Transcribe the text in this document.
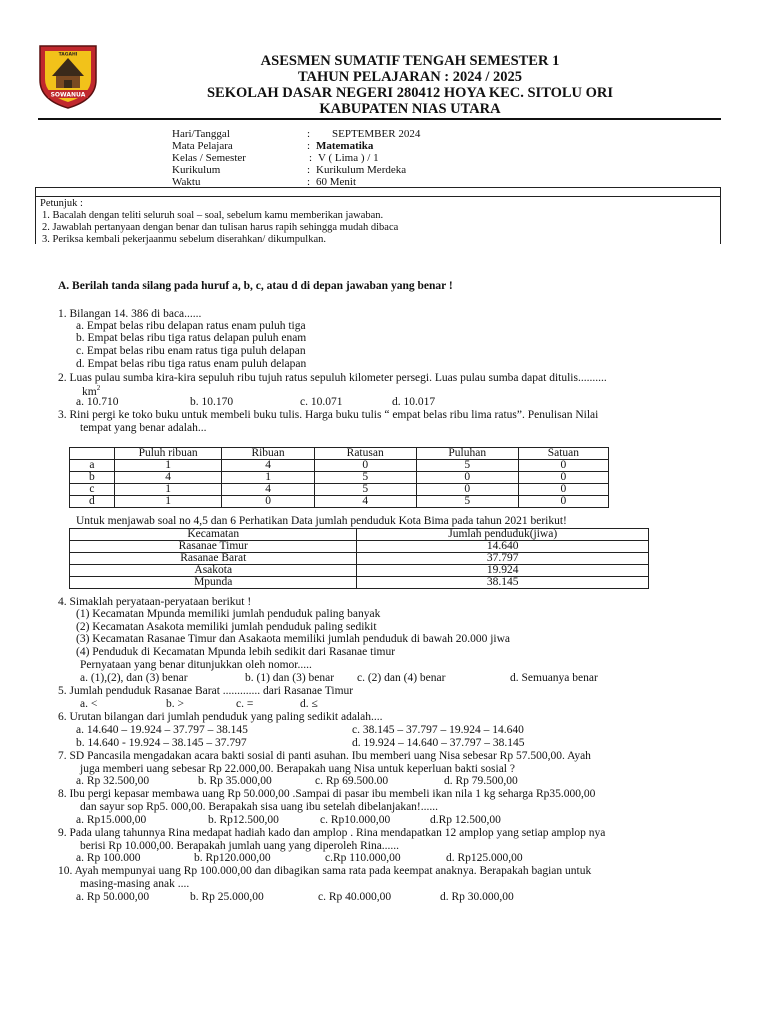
SOWANUA
TAGAHI	ASESMEN SUMATIF TENGAH SEMESTER 1
TAHUN PELAJARAN : 2024 / 2025
SEKOLAH DASAR NEGERI 280412 HOYA KEC. SITOLU ORI
KABUPATEN NIAS UTARA
Hari/Tanggal	: SEPTEMBER 2024
Mata Pelajara	: Matematika
Kelas / Semester	: V ( Lima ) / 1
Kurikulum	: Kurikulum Merdeka
Waktu	: 60 Menit
Petunjuk :
1. Bacalah dengan teliti seluruh soal – soal, sebelum kamu memberikan jawaban.
2. Jawablah pertanyaan dengan benar dan tulisan harus rapih sehingga mudah dibaca
3. Periksa kembali pekerjaanmu sebelum diserahkan/ dikumpulkan.
A. Berilah tanda silang pada huruf a, b, c, atau d di depan jawaban yang benar !
1. Bilangan 14. 386 di baca......
a. Empat belas ribu delapan ratus enam puluh tiga
b. Empat belas ribu tiga ratus delapan puluh enam
c. Empat belas ribu enam ratus tiga puluh delapan
d. Empat belas ribu tiga ratus enam puluh delapan
2. Luas pulau sumba kira-kira sepuluh ribu tujuh ratus sepuluh kilometer persegi. Luas pulau sumba dapat ditulis..........
$km^2$
a. 10.710	b. 10.170	c. 10.071	d. 10.017
3. Rini pergi ke toko buku untuk membeli buku tulis. Harga buku tulis “ empat belas ribu lima ratus”. Penulisan Nilai
tempat yang benar adalah...
	Puluh ribuan	Ribuan	Ratusan	Puluhan	Satuan
a	1	4	0	5	0
b	4	1	5	0	0
c	1	4	5	0	0
d	1	0	4	5	0
Untuk menjawab soal no 4,5 dan 6 Perhatikan Data jumlah penduduk Kota Bima pada tahun 2021 berikut!
Kecamatan	Jumlah penduduk(jiwa)
Rasanae Timur	14.640
Rasanae Barat	37.797
Asakota	19.924
Mpunda	38.145
4. Simaklah peryataan-peryataan berikut !
(1) Kecamatan Mpunda memiliki jumlah penduduk paling banyak
(2) Kecamatan Asakota memiliki jumlah penduduk paling sedikit
(3) Kecamatan Rasanae Timur dan Asakaota memiliki jumlah penduduk di bawah 20.000 jiwa
(4) Penduduk di Kecamatan Mpunda lebih sedikit dari Rasanae timur
Pernyataan yang benar ditunjukkan oleh nomor.....
a. (1),(2), dan (3) benar	b. (1) dan (3) benar c. (2) dan (4) benar	d. Semuanya benar
5. Jumlah penduduk Rasanae Barat ............. dari Rasanae Timur
a. <	b. >	c. =	d. ≤
6. Urutan bilangan dari jumlah penduduk yang paling sedikit adalah....
a. 14.640 – 19.924 – 37.797 – 38.145	c. 38.145 – 37.797 – 19.924 – 14.640
b. 14.640 - 19.924 – 38.145 – 37.797	d. 19.924 – 14.640 – 37.797 – 38.145
7. SD Pancasila mengadakan acara bakti sosial di panti asuhan. Ibu memberi uang Nisa sebesar Rp 57.500,00. Ayah
juga memberi uang sebesar Rp 22.000,00. Berapakah uang Nisa untuk keperluan bakti sosial ?
a. Rp 32.500,00	b. Rp 35.000,00	c. Rp 69.500.00	d. Rp 79.500,00
8. Ibu pergi kepasar membawa uang Rp 50.000,00 .Sampai di pasar ibu membeli ikan nila 1 kg seharga Rp35.000,00
dan sayur sop Rp5. 000,00. Berapakah sisa uang ibu setelah dibelanjakan!......
a. Rp15.000,00	b. Rp12.500,00	c. Rp10.000,00	d.Rp 12.500,00
9. Pada ulang tahunnya Rina medapat hadiah kado dan amplop . Rina mendapatkan 12 amplop yang setiap amplop nya
berisi Rp 10.000,00. Berapakah jumlah uang yang diperoleh Rina......
a. Rp 100.000	b. Rp120.000,00	c.Rp 110.000,00	d. Rp125.000,00
10. Ayah mempunyai uang Rp 100.000,00 dan dibagikan sama rata pada keempat anaknya. Berapakah bagian untuk
masing-masing anak ....
a. Rp 50.000,00	b. Rp 25.000,00	c. Rp 40.000,00	d. Rp 30.000,00
